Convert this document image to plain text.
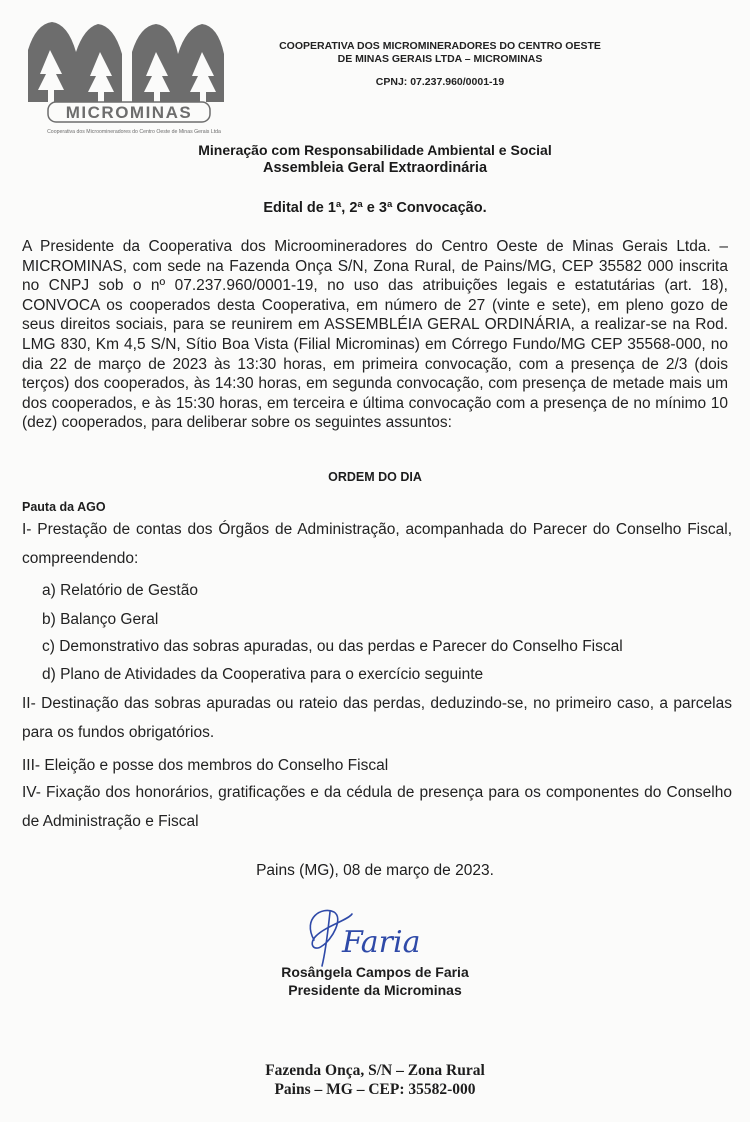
MICROMINAS
Cooperativa dos Microomineradores do Centro Oeste de Minas Gerais Ltda
COOPERATIVA DOS MICROMINERADORES DO CENTRO OESTE
DE MINAS GERAIS LTDA – MICROMINAS
CPNJ: 07.237.960/0001-19
Mineração com Responsabilidade Ambiental e Social
Assembleia Geral Extraordinária
Edital de 1ª, 2ª e 3ª Convocação.
A Presidente da Cooperativa dos Microomineradores do Centro Oeste de Minas Gerais Ltda. – MICROMINAS, com sede na Fazenda Onça S/N, Zona Rural, de Pains/MG, CEP 35582 000 inscrita no CNPJ sob o nº 07.237.960/0001-19, no uso das atribuições legais e estatutárias (art. 18), CONVOCA os cooperados desta Cooperativa, em número de 27 (vinte e sete), em pleno gozo de seus direitos sociais, para se reunirem em ASSEMBLÉIA GERAL ORDINÁRIA, a realizar-se na Rod. LMG 830, Km 4,5 S/N, Sítio Boa Vista (Filial Microminas) em Córrego Fundo/MG CEP 35568-000, no dia 22 de março de 2023 às 13:30 horas, em primeira convocação, com a presença de 2/3 (dois terços) dos cooperados, às 14:30 horas, em segunda convocação, com presença de metade mais um dos cooperados, e às 15:30 horas, em terceira e última convocação com a presença de no mínimo 10 (dez) cooperados, para deliberar sobre os seguintes assuntos:
ORDEM DO DIA
Pauta da AGO
I- Prestação de contas dos Órgãos de Administração, acompanhada do Parecer do Conselho Fiscal, compreendendo:
a) Relatório de Gestão
b) Balanço Geral
c) Demonstrativo das sobras apuradas, ou das perdas e Parecer do Conselho Fiscal
d) Plano de Atividades da Cooperativa para o exercício seguinte
II- Destinação das sobras apuradas ou rateio das perdas, deduzindo-se, no primeiro caso, a parcelas para os fundos obrigatórios.
III- Eleição e posse dos membros do Conselho Fiscal
IV- Fixação dos honorários, gratificações e da cédula de presença para os componentes do Conselho de Administração e Fiscal
Pains (MG), 08 de março de 2023.
Faria
Rosângela Campos de Faria
Presidente da Microminas
Fazenda Onça, S/N – Zona Rural
Pains – MG – CEP: 35582-000
